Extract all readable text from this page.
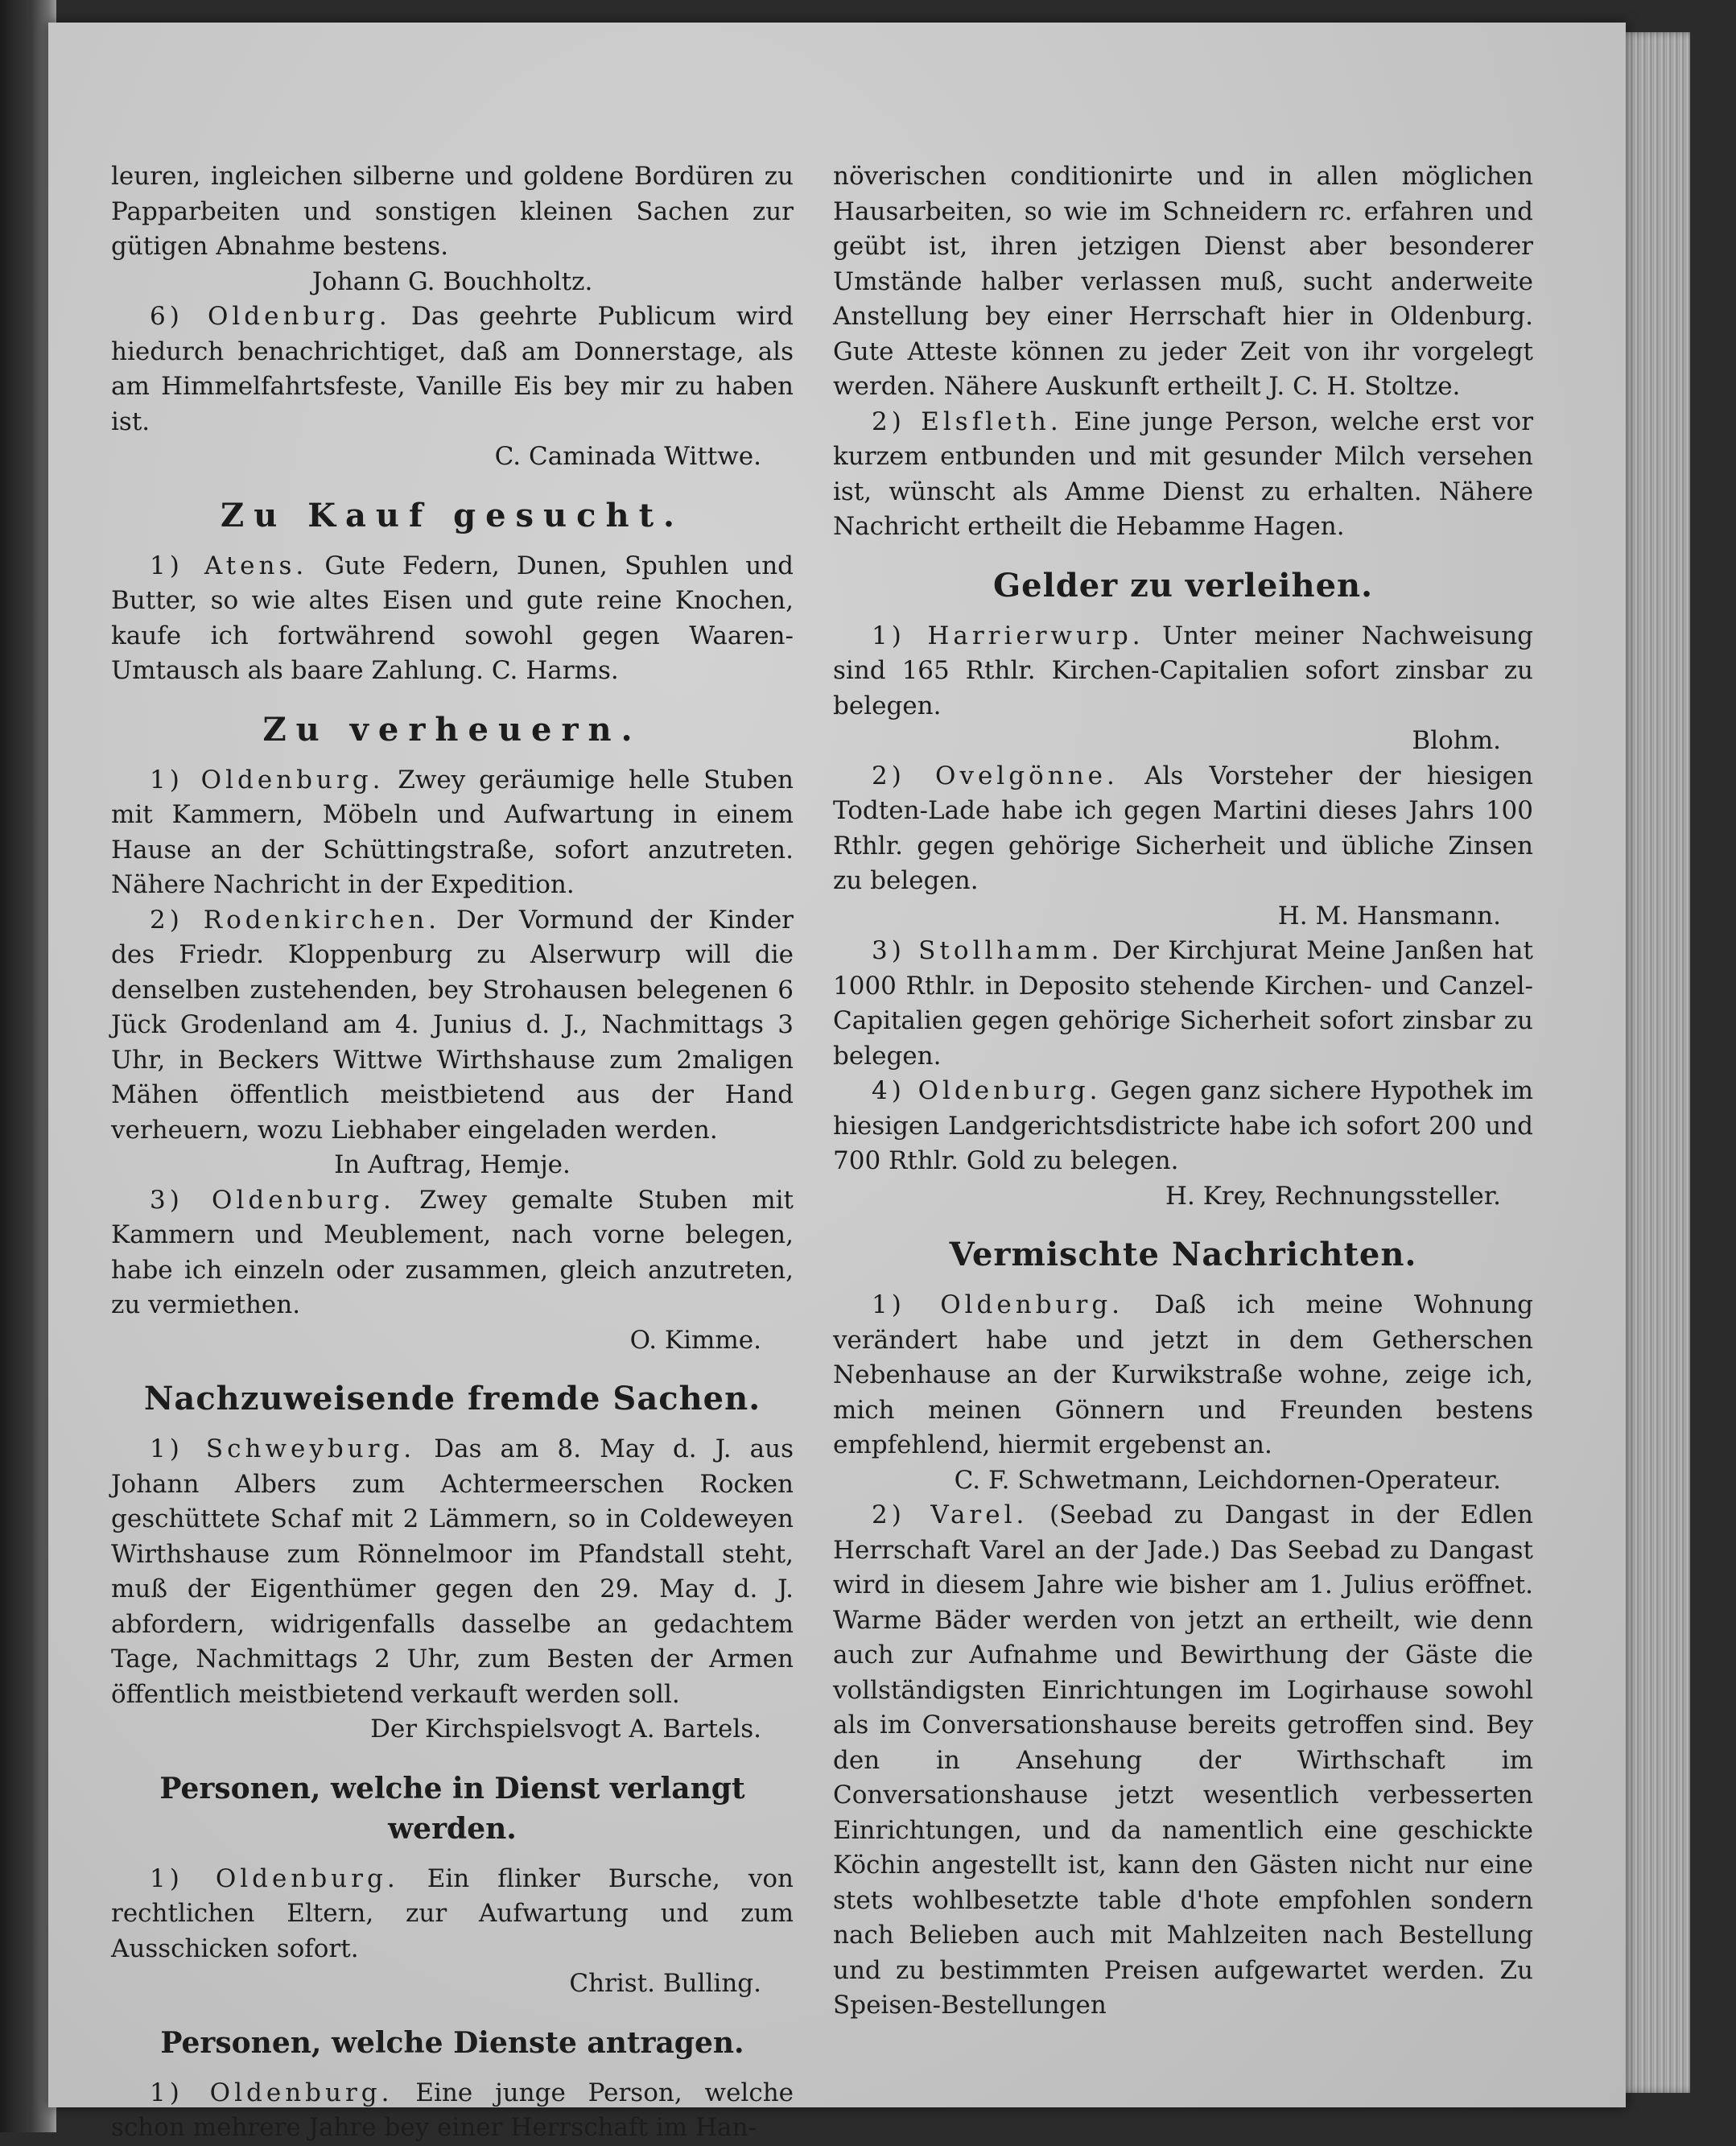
leuren, ingleichen silberne und goldene Bordüren zu Papparbeiten und sonstigen kleinen Sachen zur gütigen Abnahme bestens.

Johann G. Bouchholtz.

6) Oldenburg. Das geehrte Publicum wird hiedurch benachrichtiget, daß am Donnerstage, als am Himmelfahrtsfeste, Vanille Eis bey mir zu haben ist.

C. Caminada Wittwe.

Zu Kauf gesucht.

1) Atens. Gute Federn, Dunen, Spuhlen und Butter, so wie altes Eisen und gute reine Knochen, kaufe ich fortwährend sowohl gegen Waaren-Umtausch als baare Zahlung. C. Harms.

Zu verheuern.

1) Oldenburg. Zwey geräumige helle Stuben mit Kammern, Möbeln und Aufwartung in einem Hause an der Schüttingstraße, sofort anzutreten. Nähere Nachricht in der Expedition.

2) Rodenkirchen. Der Vormund der Kinder des Friedr. Kloppenburg zu Alserwurp will die denselben zustehenden, bey Strohausen belegenen 6 Jück Grodenland am 4. Junius d. J., Nachmittags 3 Uhr, in Beckers Wittwe Wirthshause zum 2maligen Mähen öffentlich meistbietend aus der Hand verheuern, wozu Liebhaber eingeladen werden.

In Auftrag, Hemje.

3) Oldenburg. Zwey gemalte Stuben mit Kammern und Meublement, nach vorne belegen, habe ich einzeln oder zusammen, gleich anzutreten, zu vermiethen.

O. Kimme.

Nachzuweisende fremde Sachen.

1) Schweyburg. Das am 8. May d. J. aus Johann Albers zum Achtermeerschen Rocken geschüttete Schaf mit 2 Lämmern, so in Coldeweyen Wirthshause zum Rönnelmoor im Pfandstall steht, muß der Eigenthümer gegen den 29. May d. J. abfordern, widrigenfalls dasselbe an gedachtem Tage, Nachmittags 2 Uhr, zum Besten der Armen öffentlich meistbietend verkauft werden soll.

Der Kirchspielsvogt A. Bartels.

Personen, welche in Dienst verlangt werden.

1) Oldenburg. Ein flinker Bursche, von rechtlichen Eltern, zur Aufwartung und zum Ausschicken sofort.

Christ. Bulling.

Personen, welche Dienste antragen.

1) Oldenburg. Eine junge Person, welche schon mehrere Jahre bey einer Herrschaft im Han-

növerischen conditionirte und in allen möglichen Hausarbeiten, so wie im Schneidern rc. erfahren und geübt ist, ihren jetzigen Dienst aber besonderer Umstände halber verlassen muß, sucht anderweite Anstellung bey einer Herrschaft hier in Oldenburg. Gute Atteste können zu jeder Zeit von ihr vorgelegt werden. Nähere Auskunft ertheilt J. C. H. Stoltze.

2) Elsfleth. Eine junge Person, welche erst vor kurzem entbunden und mit gesunder Milch versehen ist, wünscht als Amme Dienst zu erhalten. Nähere Nachricht ertheilt die Hebamme Hagen.

Gelder zu verleihen.

1) Harrierwurp. Unter meiner Nachweisung sind 165 Rthlr. Kirchen-Capitalien sofort zinsbar zu belegen.

Blohm.

2) Ovelgönne. Als Vorsteher der hiesigen Todten-Lade habe ich gegen Martini dieses Jahrs 100 Rthlr. gegen gehörige Sicherheit und übliche Zinsen zu belegen.

H. M. Hansmann.

3) Stollhamm. Der Kirchjurat Meine Janßen hat 1000 Rthlr. in Deposito stehende Kirchen- und Canzel-Capitalien gegen gehörige Sicherheit sofort zinsbar zu belegen.

4) Oldenburg. Gegen ganz sichere Hypothek im hiesigen Landgerichtsdistricte habe ich sofort 200 und 700 Rthlr. Gold zu belegen.

H. Krey, Rechnungssteller.

Vermischte Nachrichten.

1) Oldenburg. Daß ich meine Wohnung verändert habe und jetzt in dem Getherschen Nebenhause an der Kurwikstraße wohne, zeige ich, mich meinen Gönnern und Freunden bestens empfehlend, hiermit ergebenst an.

C. F. Schwetmann, Leichdornen-Operateur.

2) Varel. (Seebad zu Dangast in der Edlen Herrschaft Varel an der Jade.) Das Seebad zu Dangast wird in diesem Jahre wie bisher am 1. Julius eröffnet. Warme Bäder werden von jetzt an ertheilt, wie denn auch zur Aufnahme und Bewirthung der Gäste die vollständigsten Einrichtungen im Logirhause sowohl als im Conversationshause bereits getroffen sind. Bey den in Ansehung der Wirthschaft im Conversationshause jetzt wesentlich verbesserten Einrichtungen, und da namentlich eine geschickte Köchin angestellt ist, kann den Gästen nicht nur eine stets wohlbesetzte table d'hote empfohlen sondern nach Belieben auch mit Mahlzeiten nach Bestellung und zu bestimmten Preisen aufgewartet werden. Zu Speisen-Bestellungen
